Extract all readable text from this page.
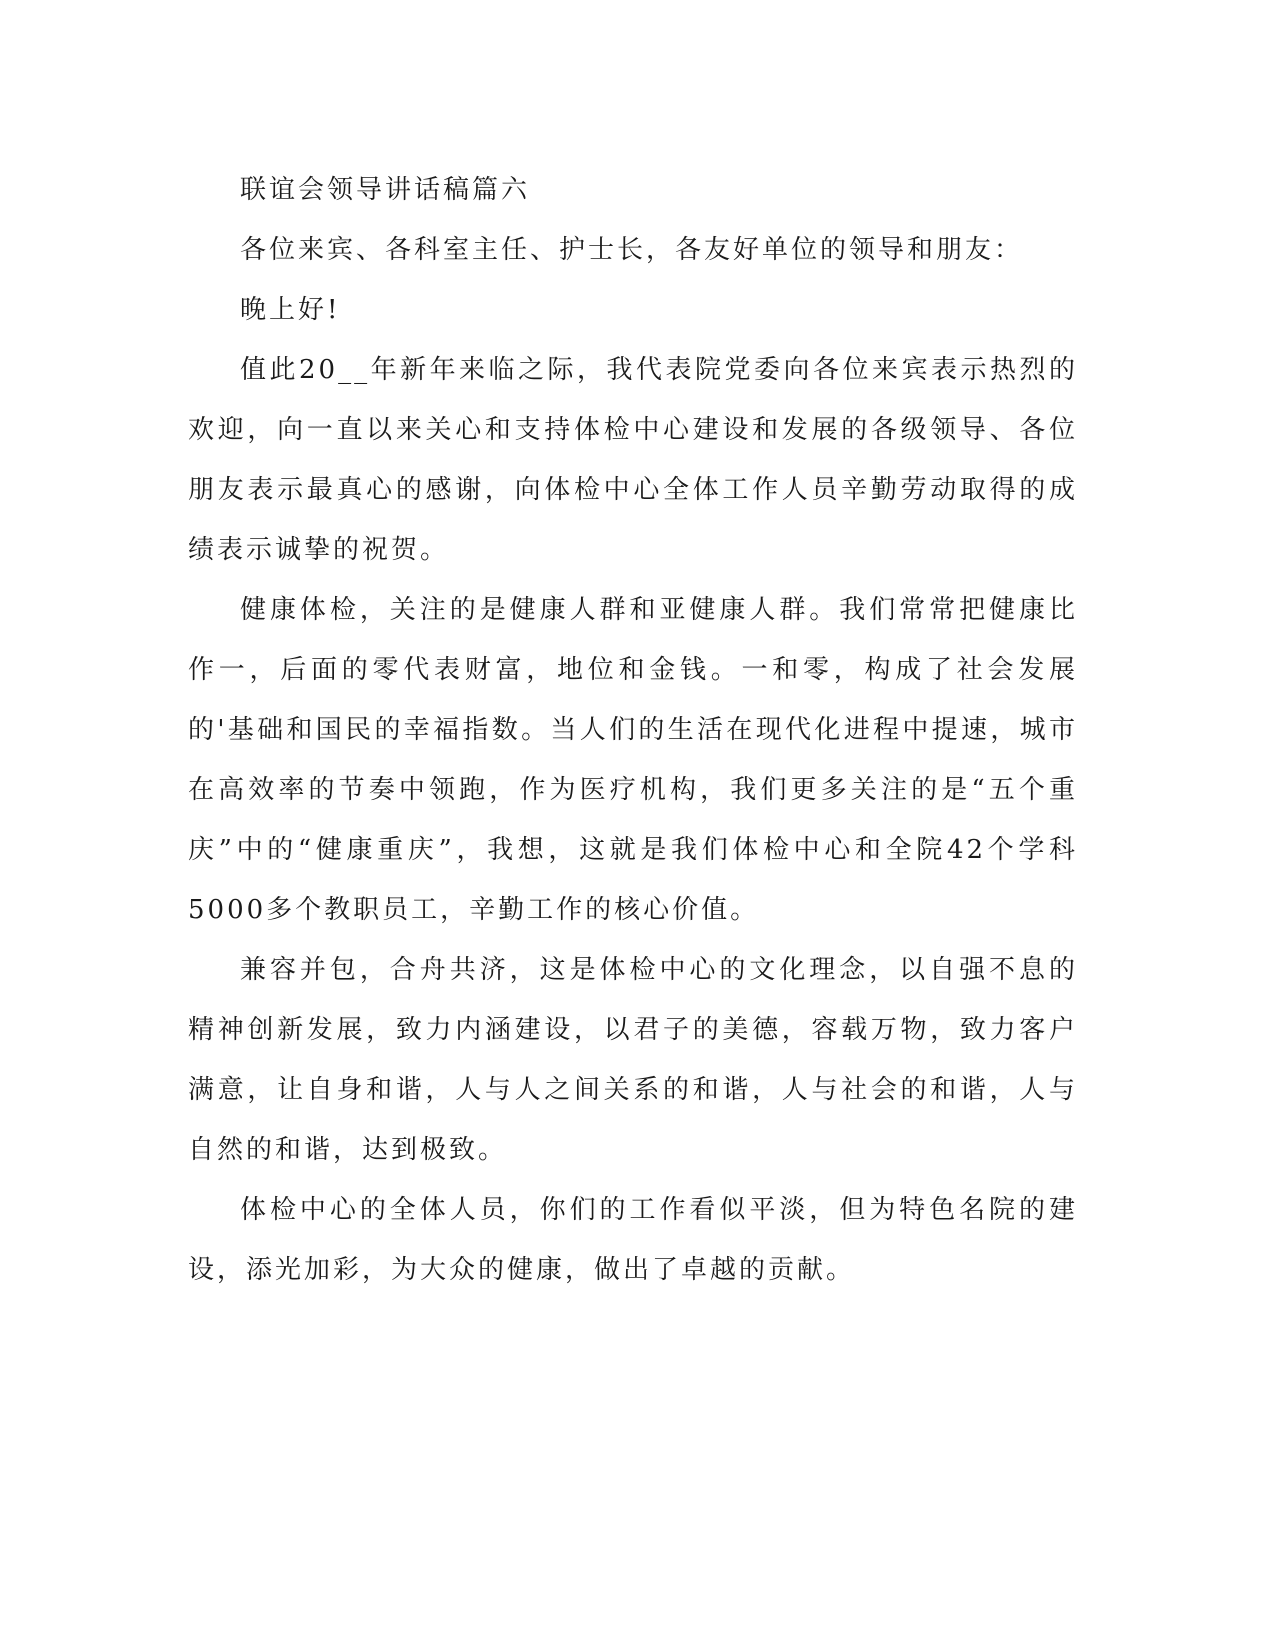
联谊会领导讲话稿篇六

各位来宾、各科室主任、护士长，各友好单位的领导和朋友：

晚上好!

值此20__年新年来临之际，我代表院党委向各位来宾表示热烈的欢迎，向一直以来关心和支持体检中心建设和发展的各级领导、各位朋友表示最真心的感谢，向体检中心全体工作人员辛勤劳动取得的成绩表示诚挚的祝贺。

健康体检，关注的是健康人群和亚健康人群。我们常常把健康比作一，后面的零代表财富，地位和金钱。一和零，构成了社会发展的'基础和国民的幸福指数。当人们的生活在现代化进程中提速，城市在高效率的节奏中领跑，作为医疗机构，我们更多关注的是“五个重庆”中的“健康重庆”，我想，这就是我们体检中心和全院42个学科5000多个教职员工，辛勤工作的核心价值。

兼容并包，合舟共济，这是体检中心的文化理念，以自强不息的精神创新发展，致力内涵建设，以君子的美德，容载万物，致力客户满意，让自身和谐，人与人之间关系的和谐，人与社会的和谐，人与自然的和谐，达到极致。

体检中心的全体人员，你们的工作看似平淡，但为特色名院的建设，添光加彩，为大众的健康，做出了卓越的贡献。
